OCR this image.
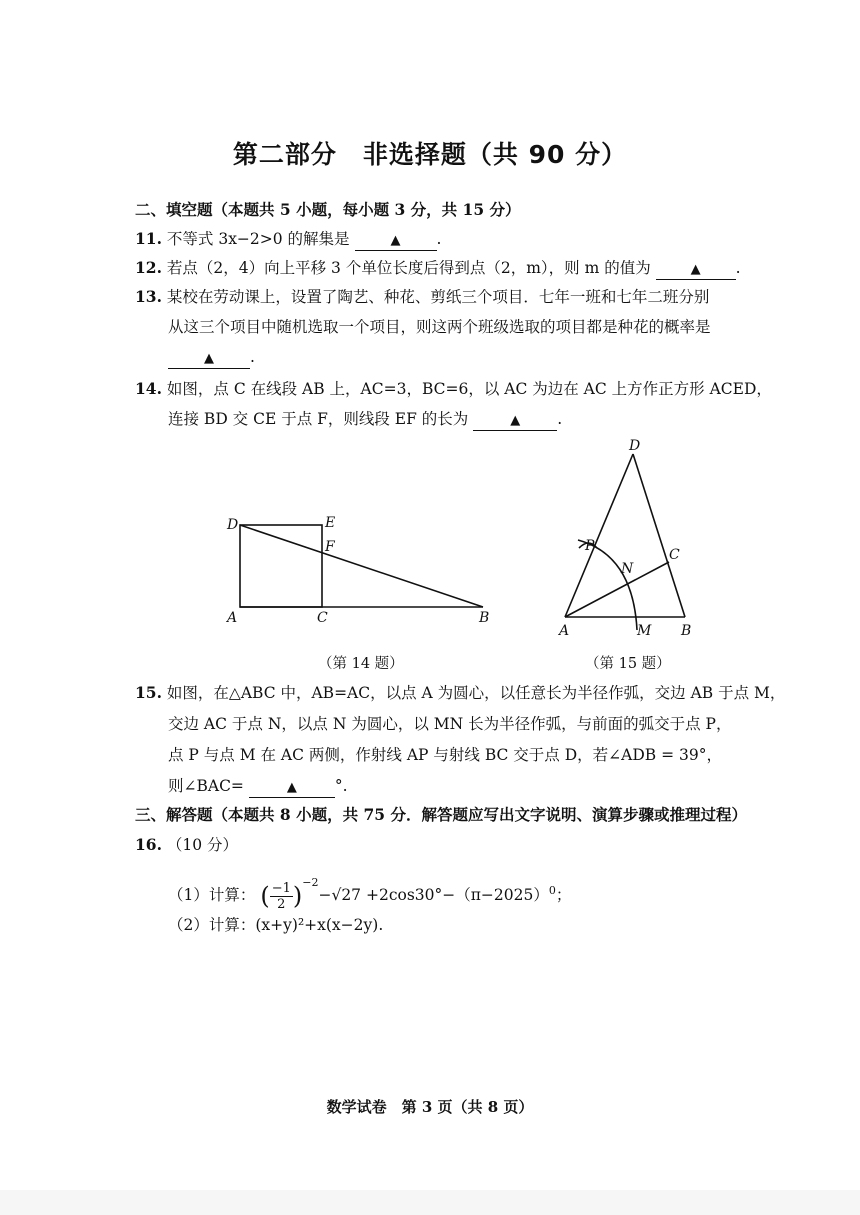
第二部分　非选择题（共 90 分）
二、填空题（本题共 5 小题，每小题 3 分，共 15 分）
11. 不等式 3x−2>0 的解集是	▲ .
12. 若点（2，4）向上平移 3 个单位长度后得到点（2，m），则 m 的值为	▲ .
13. 某校在劳动课上，设置了陶艺、种花、剪纸三个项目．七年一班和七年二班分别
从这三个项目中随机选取一个项目，则这两个班级选取的项目都是种花的概率是
▲ .
14. 如图，点 C 在线段 AB 上，AC=3，BC=6，以 AC 为边在 AC 上方作正方形 ACED，
连接 BD 交 CE 于点 F，则线段 EF 的长为	▲ .
D	E
F
A	C	B
（第 14 题）
D
P
C
N
A	M B
（第 15 题）
15. 如图，在△ABC 中，AB=AC，以点 A 为圆心，以任意长为半径作弧，交边 AB 于点 M，
交边 AC 于点 N，以点 N 为圆心，以 MN 长为半径作弧，与前面的弧交于点 P，
点 P 与点 M 在 AC 两侧，作射线 AP 与射线 BC 交于点 D，若∠ADB = 39°，
则∠BAC=	▲ °.
三、解答题（本题共 8 小题，共 75 分．解答题应写出文字说明、演算步骤或推理过程）
16. （10 分）
（1）计算： ( $\frac{-1}{2} )^{-2}-√27 +2\cos 30^\circ-(\pi-2025)^0$；
（2）计算：(x+y)²+x(x−2y).
数学试卷　第 3 页（共 8 页）
